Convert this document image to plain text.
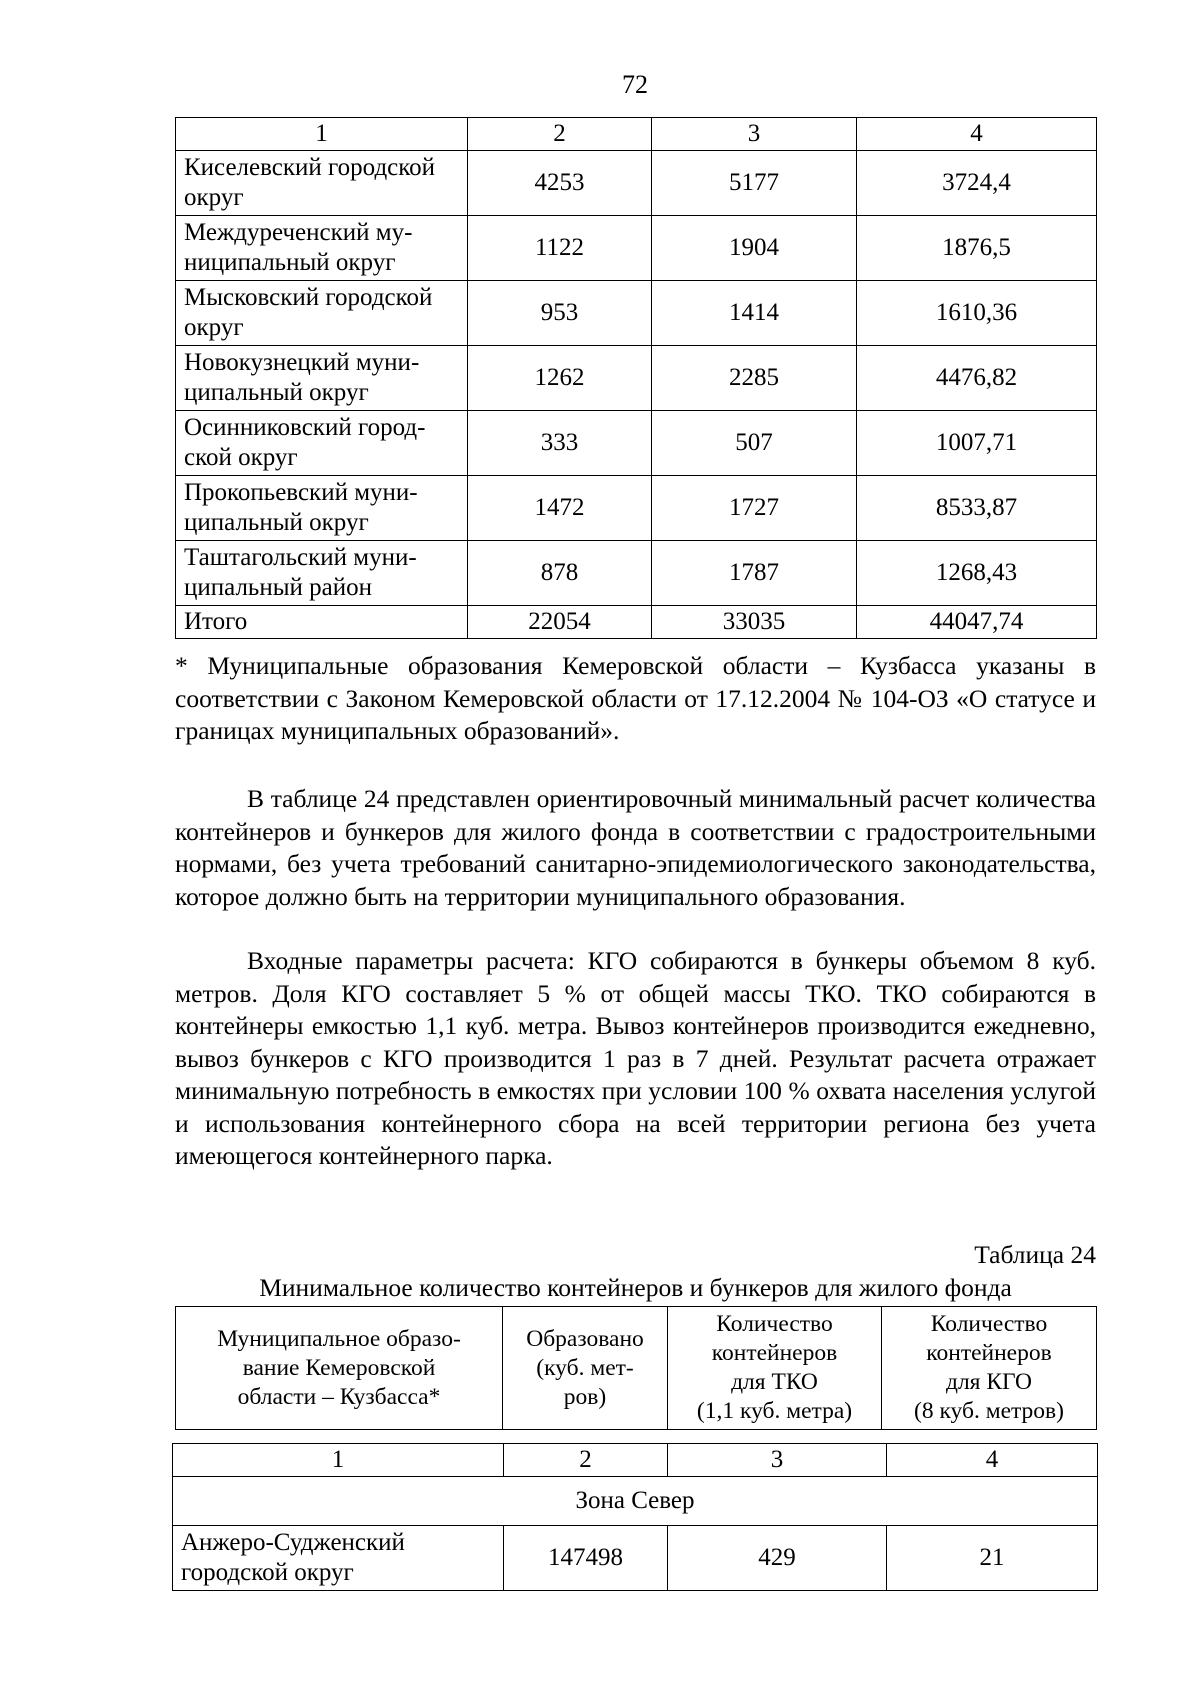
72
1	2	3	4
Киселевский городской
округ	4253	5177	3724,4
Междуреченский му-
ниципальный округ	1122	1904	1876,5
Мысковский городской
округ	953	1414	1610,36
Новокузнецкий муни-
ципальный округ	1262	2285	4476,82
Осинниковский город-
ской округ	333	507	1007,71
Прокопьевский муни-
ципальный округ	1472	1727	8533,87
Таштагольский муни-
ципальный район	878	1787	1268,43
Итого	22054	33035	44047,74

* Муниципальные образования Кемеровской области – Кузбасса указаны в соответствии с Законом Кемеровской области от 17.12.2004 № 104-ОЗ «О статусе и границах муниципальных образований».

В таблице 24 представлен ориентировочный минимальный расчет количества контейнеров и бункеров для жилого фонда в соответствии с градостроительными нормами, без учета требований санитарно-эпидемиологического законодательства, которое должно быть на территории муниципального образования.

Входные параметры расчета: КГО собираются в бункеры объемом 8 куб. метров. Доля КГО составляет 5 % от общей массы ТКО. ТКО собираются в контейнеры емкостью 1,1 куб. метра. Вывоз контейнеров производится ежедневно, вывоз бункеров с КГО производится 1 раз в 7 дней. Результат расчета отражает минимальную потребность в емкостях при условии 100 % охвата населения услугой и использования контейнерного сбора на всей территории региона без учета имеющегося контейнерного парка.

Таблица 24
Минимальное количество контейнеров и бункеров для жилого фонда
Муниципальное образо-
вание Кемеровской
области – Кузбасса*	Образовано
(куб. мет-
ров)	Количество
контейнеров
для ТКО
(1,1 куб. метра)	Количество
контейнеров
для КГО
(8 куб. метров)
1	2	3	4
Зона Север			
Анжеро-Судженский
городской округ	147498	429	21
